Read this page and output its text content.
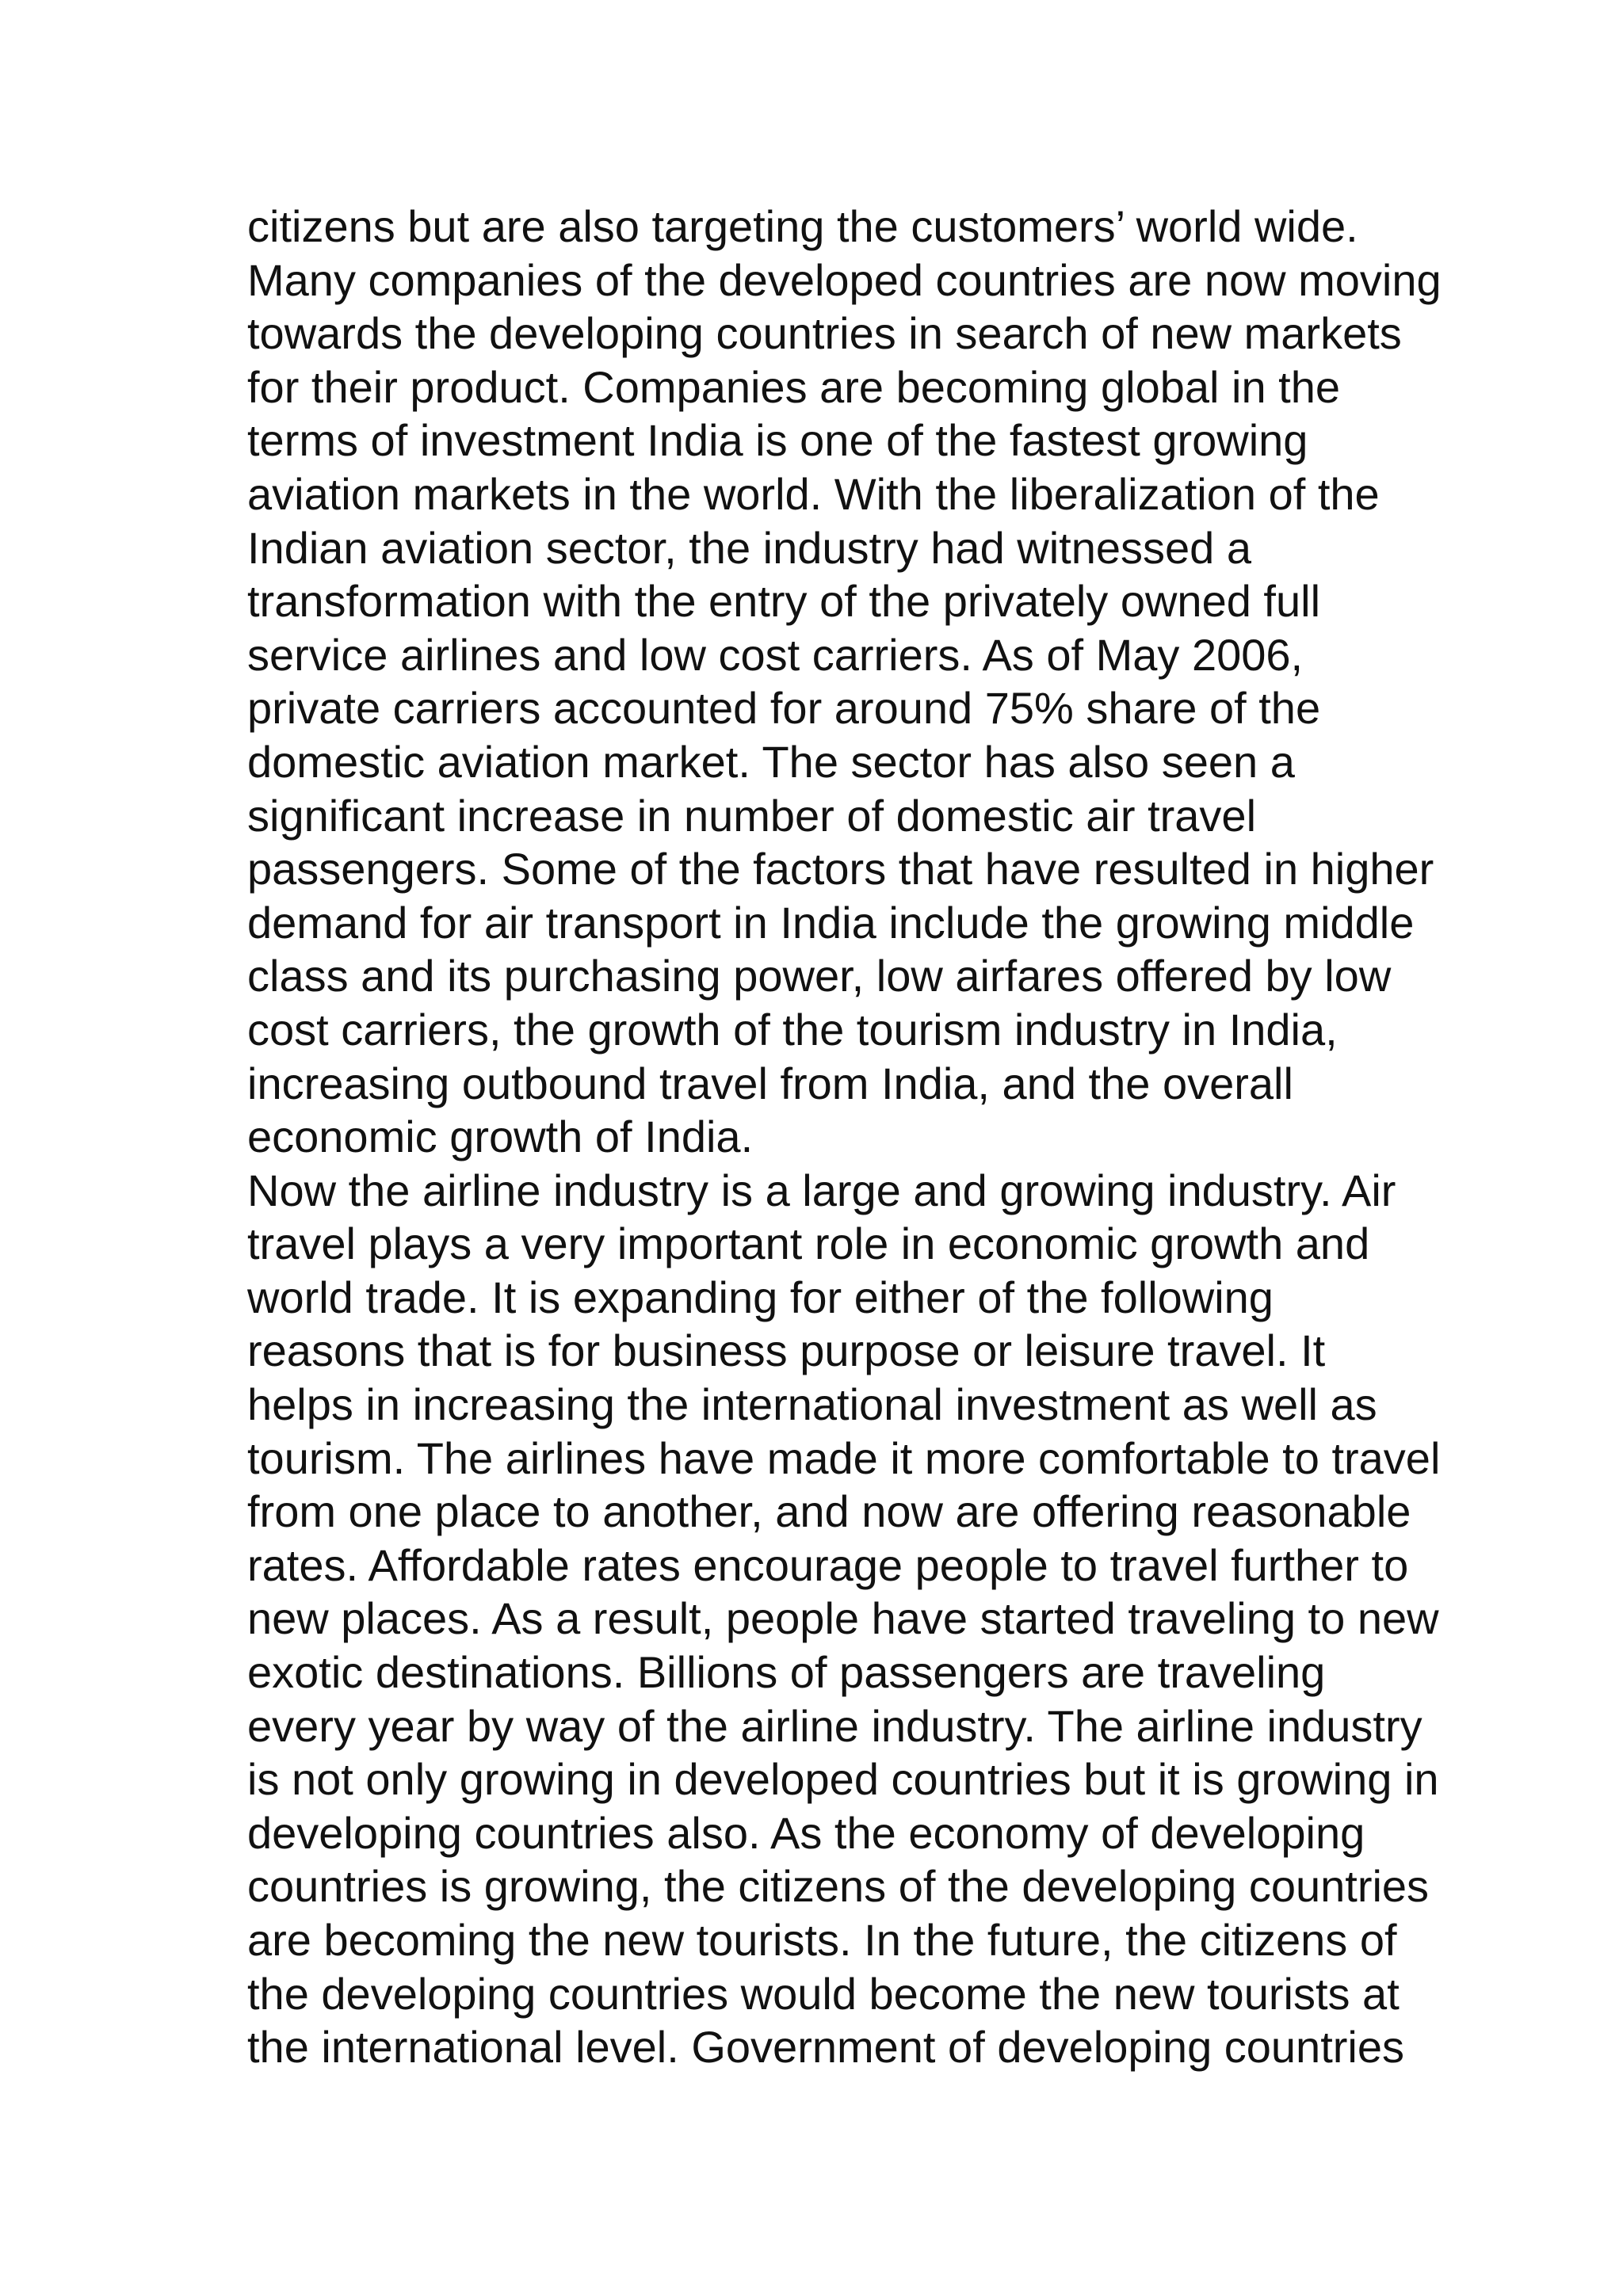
citizens but are also targeting the customers’ world wide.
Many companies of the developed countries are now moving
towards the developing countries in search of new markets
for their product. Companies are becoming global in the
terms of investment India is one of the fastest growing
aviation markets in the world. With the liberalization of the
Indian aviation sector, the industry had witnessed a
transformation with the entry of the privately owned full
service airlines and low cost carriers. As of May 2006,
private carriers accounted for around 75% share of the
domestic aviation market. The sector has also seen a
significant increase in number of domestic air travel
passengers. Some of the factors that have resulted in higher
demand for air transport in India include the growing middle
class and its purchasing power, low airfares offered by low
cost carriers, the growth of the tourism industry in India,
increasing outbound travel from India, and the overall
economic growth of India.
Now the airline industry is a large and growing industry. Air
travel plays a very important role in economic growth and
world trade. It is expanding for either of the following
reasons that is for business purpose or leisure travel. It
helps in increasing the international investment as well as
tourism. The airlines have made it more comfortable to travel
from one place to another, and now are offering reasonable
rates. Affordable rates encourage people to travel further to
new places. As a result, people have started traveling to new
exotic destinations. Billions of passengers are traveling
every year by way of the airline industry. The airline industry
is not only growing in developed countries but it is growing in
developing countries also. As the economy of developing
countries is growing, the citizens of the developing countries
are becoming the new tourists. In the future, the citizens of
the developing countries would become the new tourists at
the international level. Government of developing countries
